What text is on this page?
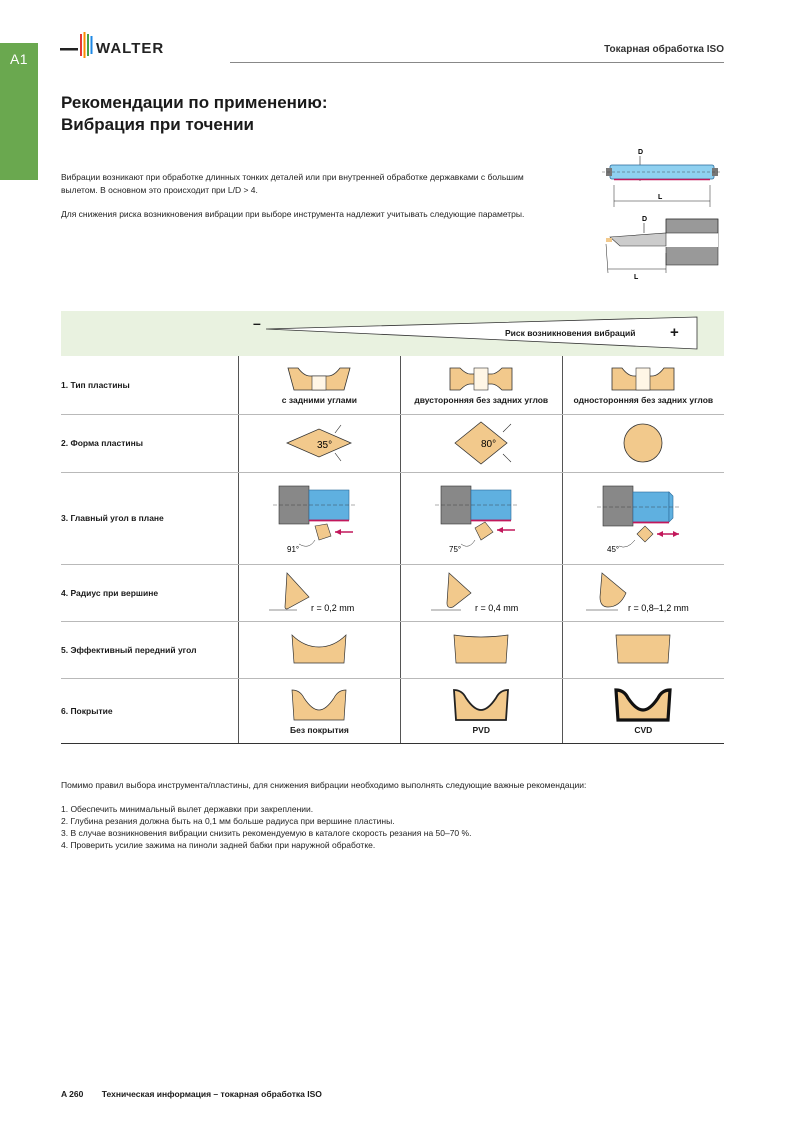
A1
WALTER	Токарная обработка ISO
Рекомендации по применению:
Вибрация при точении

Вибрации возникают при обработке длинных тонких деталей или при внутренней обработке державками с большим вылетом. В основном это происходит при L/D > 4.

Для снижения риска возникновения вибрации при выборе инструмента надлежит учитывать следующие параметры.

D
L
D
L
–
Риск возникновения вибраций +
1. Тип пластины	с задними углами	двусторонняя без задних углов	односторонняя без задних углов

2. Форма пластины	35°	80°

3. Главный угол в плане	91°	75°	45°

4. Радиус при вершине	r = 0,2 mm	r = 0,4 mm	r = 0,8–1,2 mm

5. Эффективный передний угол	

6. Покрытие	Без покрытия	PVD	CVD

Помимо правил выбора инструмента/пластины, для снижения вибрации необходимо выполнять следующие важные рекомендации:

1. Обеспечить минимальный вылет державки при закреплении.
2. Глубина резания должна быть на 0,1 мм больше радиуса при вершине пластины.
3. В случае возникновения вибрации снизить рекомендуемую в каталоге скорость резания на 50–70 %.
4. Проверить усилие зажима на пиноли задней бабки при наружной обработке.
A 260 Техническая информация – токарная обработка ISO
